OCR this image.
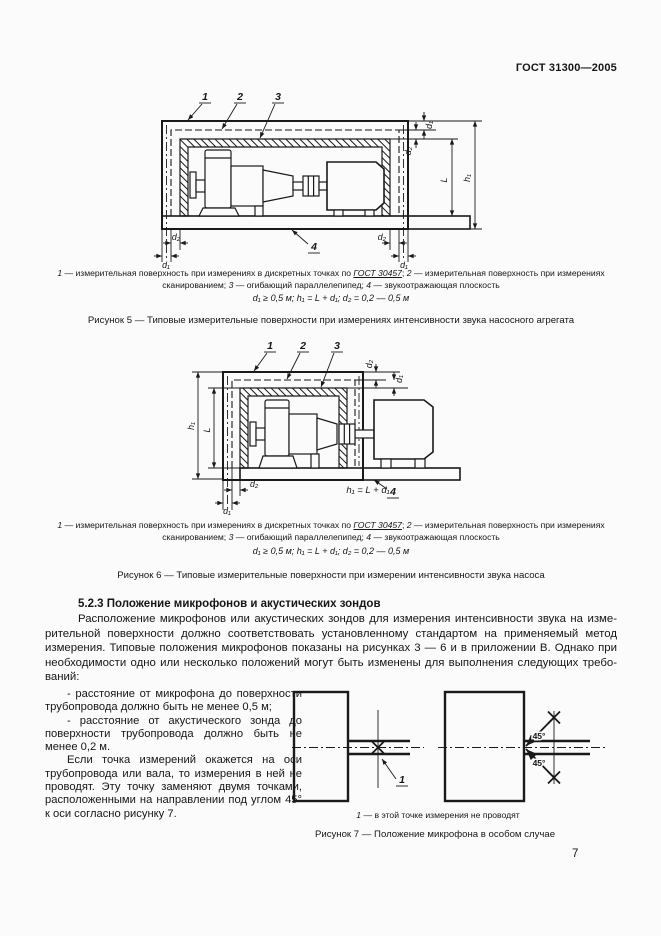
ГОСТ 31300—2005
1	2	3
4
d₁
d₂
L h₁
d₂
d₁
d₂
d₁
1 — измерительная поверхность при измерениях в дискретных точках по ГОСТ 30457; 2 — измерительная поверхность при измерениях сканированием; 3 — огибающий параллелепипед; 4 — звукоотражающая плоскость
d₁ ≥ 0,5 м; h₁ = L + d₁; d₂ = 0,2 — 0,5 м
Рисунок 5 — Типовые измерительные поверхности при измерениях интенсивности звука насосного агрегата
1	2	3
4
h₁
L
d₂
d₁
d₂
d₁
h₁ = L + d₁
1 — измерительная поверхность при измерениях в дискретных точках по ГОСТ 30457; 2 — измерительная поверхность при измерениях сканированием; 3 — огибающий параллелепипед; 4 — звукоотражающая плоскость
d₁ ≥ 0,5 м; h₁ = L + d₁; d₂ = 0,2 — 0,5 м
Рисунок 6 — Типовые измерительные поверхности при измерении интенсивности звука насоса
5.2.3 Положение микрофонов и акустических зондов
Расположение микрофонов или акустических зондов для измерения интенсивности звука на измерительной поверхности должно соответствовать установленному стандартом на применяемый метод измерения. Типовые положения микрофонов показаны на рисунках 3 — 6 и в приложении В. Однако при необходимости одно или несколько положений могут быть изменены для выполнения следующих требований:

- расстояние от микрофона до поверхности трубопровода должно быть не менее 0,5 м;

- расстояние от акустического зонда до поверхности трубопровода должно быть не менее 0,2 м.

Если точка измерений окажется на оси трубопровода или вала, то измерения в ней не проводят. Эту точку заменяют двумя точками, расположенными на направлении под углом 45° к оси согласно рисунку 7.

1
45°
45°
1 — в этой точке измерения не проводят
Рисунок 7 — Положение микрофона в особом случае
7
